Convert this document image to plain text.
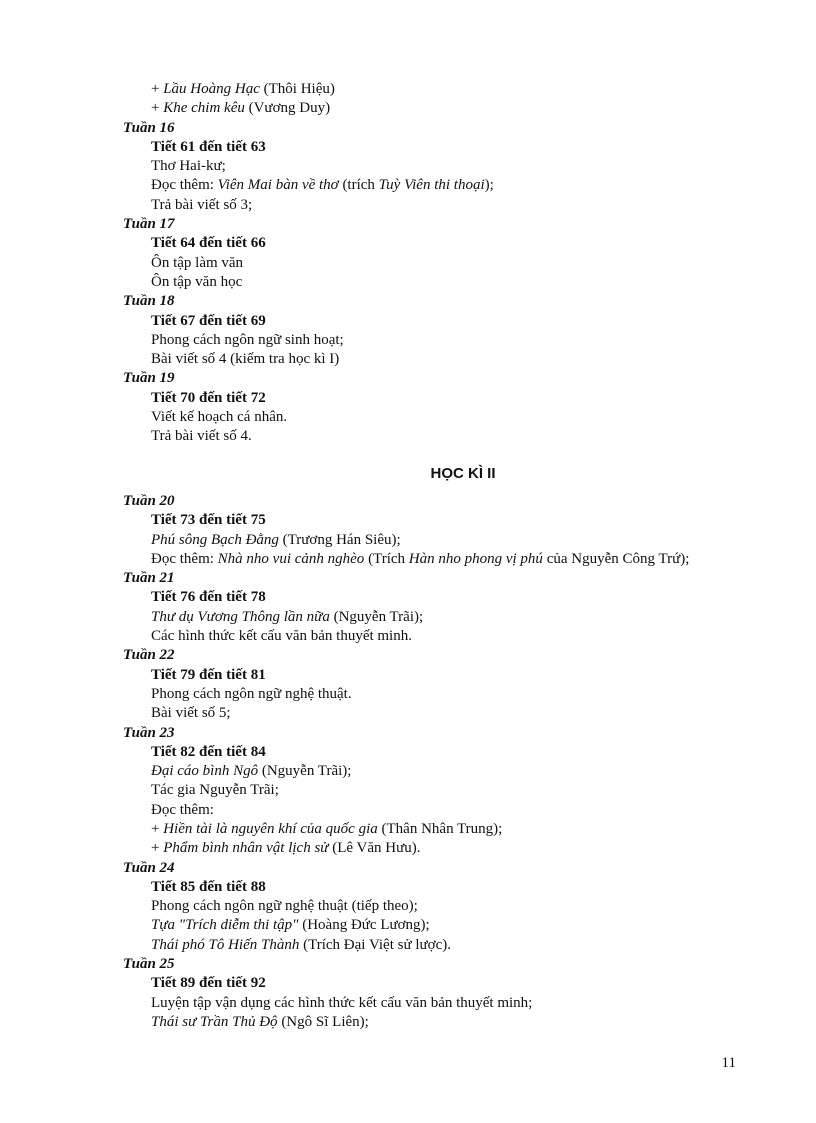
+ Lầu Hoàng Hạc (Thôi Hiệu)
+ Khe chim kêu (Vương Duy)
Tuần 16
Tiết 61 đến tiết 63
Thơ Hai-kư;
Đọc thêm: Viên Mai bàn về thơ (trích Tuỳ Viên thi thoại);
Trả bài viết số 3;
Tuần 17
Tiết 64 đến tiết 66
Ôn tập làm văn
Ôn tập văn học
Tuần 18
Tiết 67 đến tiết 69
Phong cách ngôn ngữ sinh hoạt;
Bài viết số 4 (kiểm tra học kì I)
Tuần 19
Tiết 70 đến tiết 72
Viết kế hoạch cá nhân.
Trả bài viết số 4.
HỌC KÌ II
Tuần 20
Tiết 73 đến tiết 75
Phú sông Bạch Đằng (Trương Hán Siêu);
Đọc thêm: Nhà nho vui cảnh nghèo (Trích Hàn nho phong vị phú của Nguyễn Công Trứ);
Tuần 21
Tiết 76 đến tiết 78
Thư dụ Vương Thông lần nữa (Nguyễn Trãi);
Các hình thức kết cấu văn bản thuyết minh.
Tuần 22
Tiết 79 đến tiết 81
Phong cách ngôn ngữ nghệ thuật.
Bài viết số 5;
Tuần 23
Tiết 82 đến tiết 84
Đại cáo bình Ngô (Nguyễn Trãi);
Tác gia Nguyễn Trãi;
Đọc thêm:
+ Hiền tài là nguyên khí của quốc gia (Thân Nhân Trung);
+ Phẩm bình nhân vật lịch sử (Lê Văn Hưu).
Tuần 24
Tiết 85 đến tiết 88
Phong cách ngôn ngữ nghệ thuật (tiếp theo);
Tựa "Trích diễm thi tập" (Hoàng Đức Lương);
Thái phó Tô Hiến Thành (Trích Đại Việt sử lược).
Tuần 25
Tiết 89 đến tiết 92
Luyện tập vận dụng các hình thức kết cấu văn bản thuyết minh;
Thái sư Trần Thủ Độ (Ngô Sĩ Liên);
11
